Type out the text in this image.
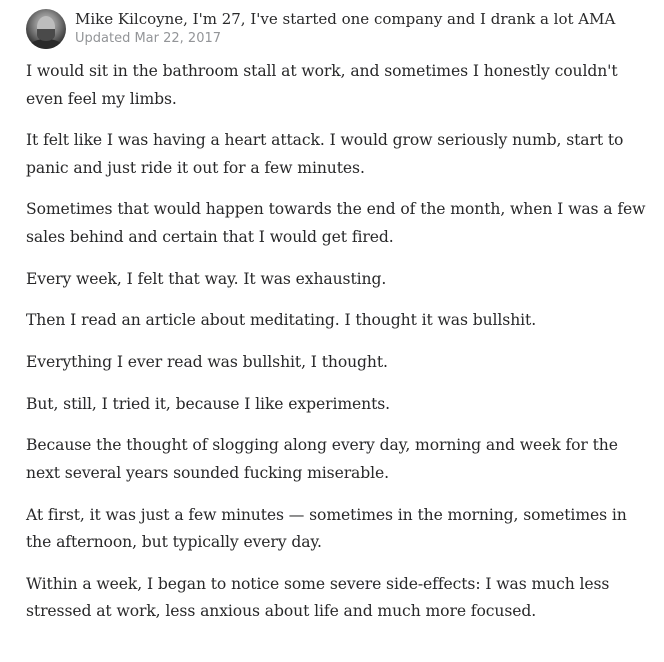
Mike Kilcoyne, I'm 27, I've started one company and I drank a lot AMA
Updated Mar 22, 2017

I would sit in the bathroom stall at work, and sometimes I honestly couldn't even feel my limbs.

It felt like I was having a heart attack. I would grow seriously numb, start to panic and just ride it out for a few minutes.

Sometimes that would happen towards the end of the month, when I was a few sales behind and certain that I would get fired.

Every week, I felt that way. It was exhausting.

Then I read an article about meditating. I thought it was bullshit.

Everything I ever read was bullshit, I thought.

But, still, I tried it, because I like experiments.

Because the thought of slogging along every day, morning and week for the next several years sounded fucking miserable.

At first, it was just a few minutes — sometimes in the morning, sometimes in the afternoon, but typically every day.

Within a week, I began to notice some severe side-effects: I was much less stressed at work, less anxious about life and much more focused.
